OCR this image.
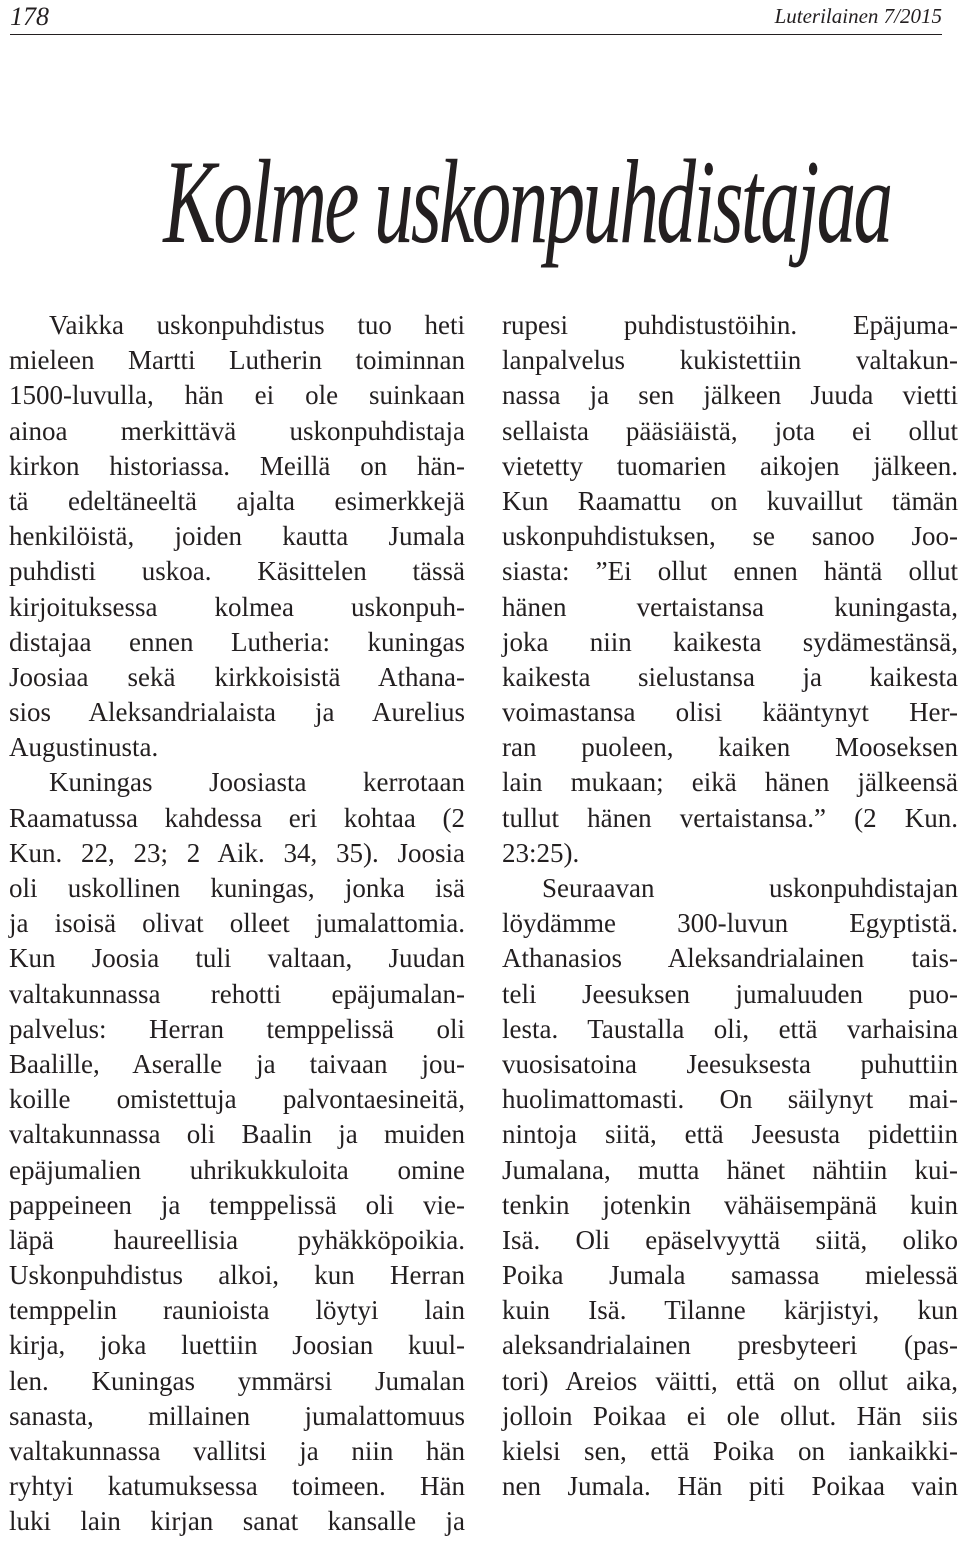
178	Luterilainen 7/2015
Kolme uskonpuhdistajaa
Vaikka uskonpuhdistus tuo heti
mieleen Martti Lutherin toiminnan
1500-luvulla, hän ei ole suinkaan
ainoa merkittävä uskonpuhdistaja
kirkon historiassa. Meillä on hän-
tä edeltäneeltä ajalta esimerkkejä
henkilöistä, joiden kautta Jumala
puhdisti uskoa. Käsittelen tässä
kirjoituksessa kolmea uskonpuh-
distajaa ennen Lutheria: kuningas
Joosiaa sekä kirkkoisistä Athana-
sios Aleksandrialaista ja Aurelius
Augustinusta.
Kuningas Joosiasta kerrotaan
Raamatussa kahdessa eri kohtaa (2
Kun. 22, 23; 2 Aik. 34, 35). Joosia
oli uskollinen kuningas, jonka isä
ja isoisä olivat olleet jumalattomia.
Kun Joosia tuli valtaan, Juudan
valtakunnassa rehotti epäjumalan-
palvelus: Herran temppelissä oli
Baalille, Aseralle ja taivaan jou-
koille omistettuja palvontaesineitä,
valtakunnassa oli Baalin ja muiden
epäjumalien uhrikukkuloita omine
pappeineen ja temppelissä oli vie-
läpä haureellisia pyhäkköpoikia.
Uskonpuhdistus alkoi, kun Herran
temppelin raunioista löytyi lain
kirja, joka luettiin Joosian kuul-
len. Kuningas ymmärsi Jumalan
sanasta, millainen jumalattomuus
valtakunnassa vallitsi ja niin hän
ryhtyi katumuksessa toimeen. Hän
luki lain kirjan sanat kansalle ja
rupesi puhdistustöihin. Epäjuma-
lanpalvelus kukistettiin valtakun-
nassa ja sen jälkeen Juuda vietti
sellaista pääsiäistä, jota ei ollut
vietetty tuomarien aikojen jälkeen.
Kun Raamattu on kuvaillut tämän
uskonpuhdistuksen, se sanoo Joo-
siasta: ”Ei ollut ennen häntä ollut
hänen vertaistansa kuningasta,
joka niin kaikesta sydämestänsä,
kaikesta sielustansa ja kaikesta
voimastansa olisi kääntynyt Her-
ran puoleen, kaiken Mooseksen
lain mukaan; eikä hänen jälkeensä
tullut hänen vertaistansa.” (2 Kun.
23:25).
Seuraavan uskonpuhdistajan
löydämme 300-luvun Egyptistä.
Athanasios Aleksandrialainen tais-
teli Jeesuksen jumaluuden puo-
lesta. Taustalla oli, että varhaisina
vuosisatoina Jeesuksesta puhuttiin
huolimattomasti. On säilynyt mai-
nintoja siitä, että Jeesusta pidettiin
Jumalana, mutta hänet nähtiin kui-
tenkin jotenkin vähäisempänä kuin
Isä. Oli epäselvyyttä siitä, oliko
Poika Jumala samassa mielessä
kuin Isä. Tilanne kärjistyi, kun
aleksandrialainen presbyteeri (pas-
tori) Areios väitti, että on ollut aika,
jolloin Poikaa ei ole ollut. Hän siis
kielsi sen, että Poika on iankaikki-
nen Jumala. Hän piti Poikaa vain
